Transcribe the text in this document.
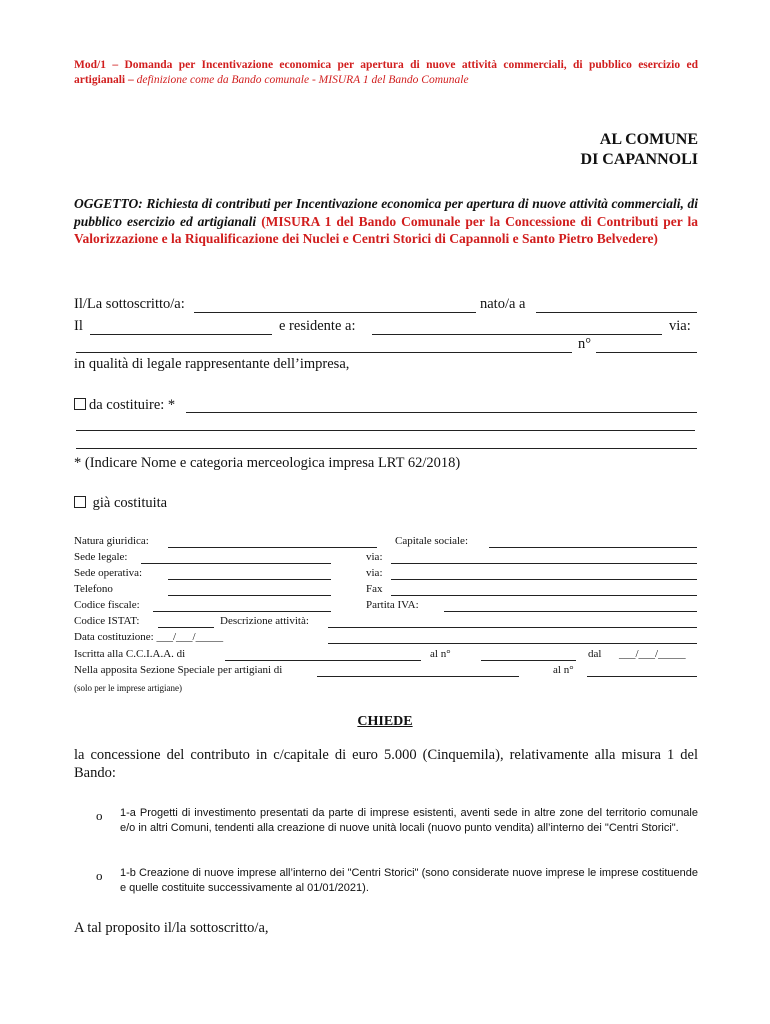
Mod/1 – Domanda per Incentivazione economica per apertura di nuove attività commerciali, di pubblico esercizio ed artigianali – definizione come da Bando comunale - MISURA 1 del Bando Comunale
AL COMUNE
DI CAPANNOLI
OGGETTO: Richiesta di contributi per Incentivazione economica per apertura di nuove attività commerciali, di pubblico esercizio ed artigianali (MISURA 1 del Bando Comunale per la Concessione di Contributi per la Valorizzazione e la Riqualificazione dei Nuclei e Centri Storici di Capannoli e Santo Pietro Belvedere)
Il/La sottoscritto/a:	nato/a a
Il	e residente a:	via:
n°
in qualità di legale rappresentante dell’impresa,
da costituire: *
* (Indicare Nome e categoria merceologica impresa LRT 62/2018)
già costituita
Natura giuridica:	Capitale sociale:
Sede legale:	via:
Sede operativa:	via:
Telefono	Fax
Codice fiscale:	Partita IVA:
Codice ISTAT:	Descrizione attività:
Data costituzione: ___/___/_____
Iscritta alla C.C.I.A.A. di	al n°	dal ___/___/_____
Nella apposita Sezione Speciale per artigiani di	al n°
(solo per le imprese artigiane)
CHIEDE
la concessione del contributo in c/capitale di euro 5.000 (Cinquemila), relativamente alla misura 1 del Bando:
o 1-a Progetti di investimento presentati da parte di imprese esistenti, aventi sede in altre zone del territorio comunale e/o in altri Comuni, tendenti alla creazione di nuove unità locali (nuovo punto vendita) all’interno dei "Centri Storici".
o 1-b Creazione di nuove imprese all’interno dei "Centri Storici" (sono considerate nuove imprese le imprese costituende e quelle costituite successivamente al 01/01/2021).
A tal proposito il/la sottoscritto/a,
